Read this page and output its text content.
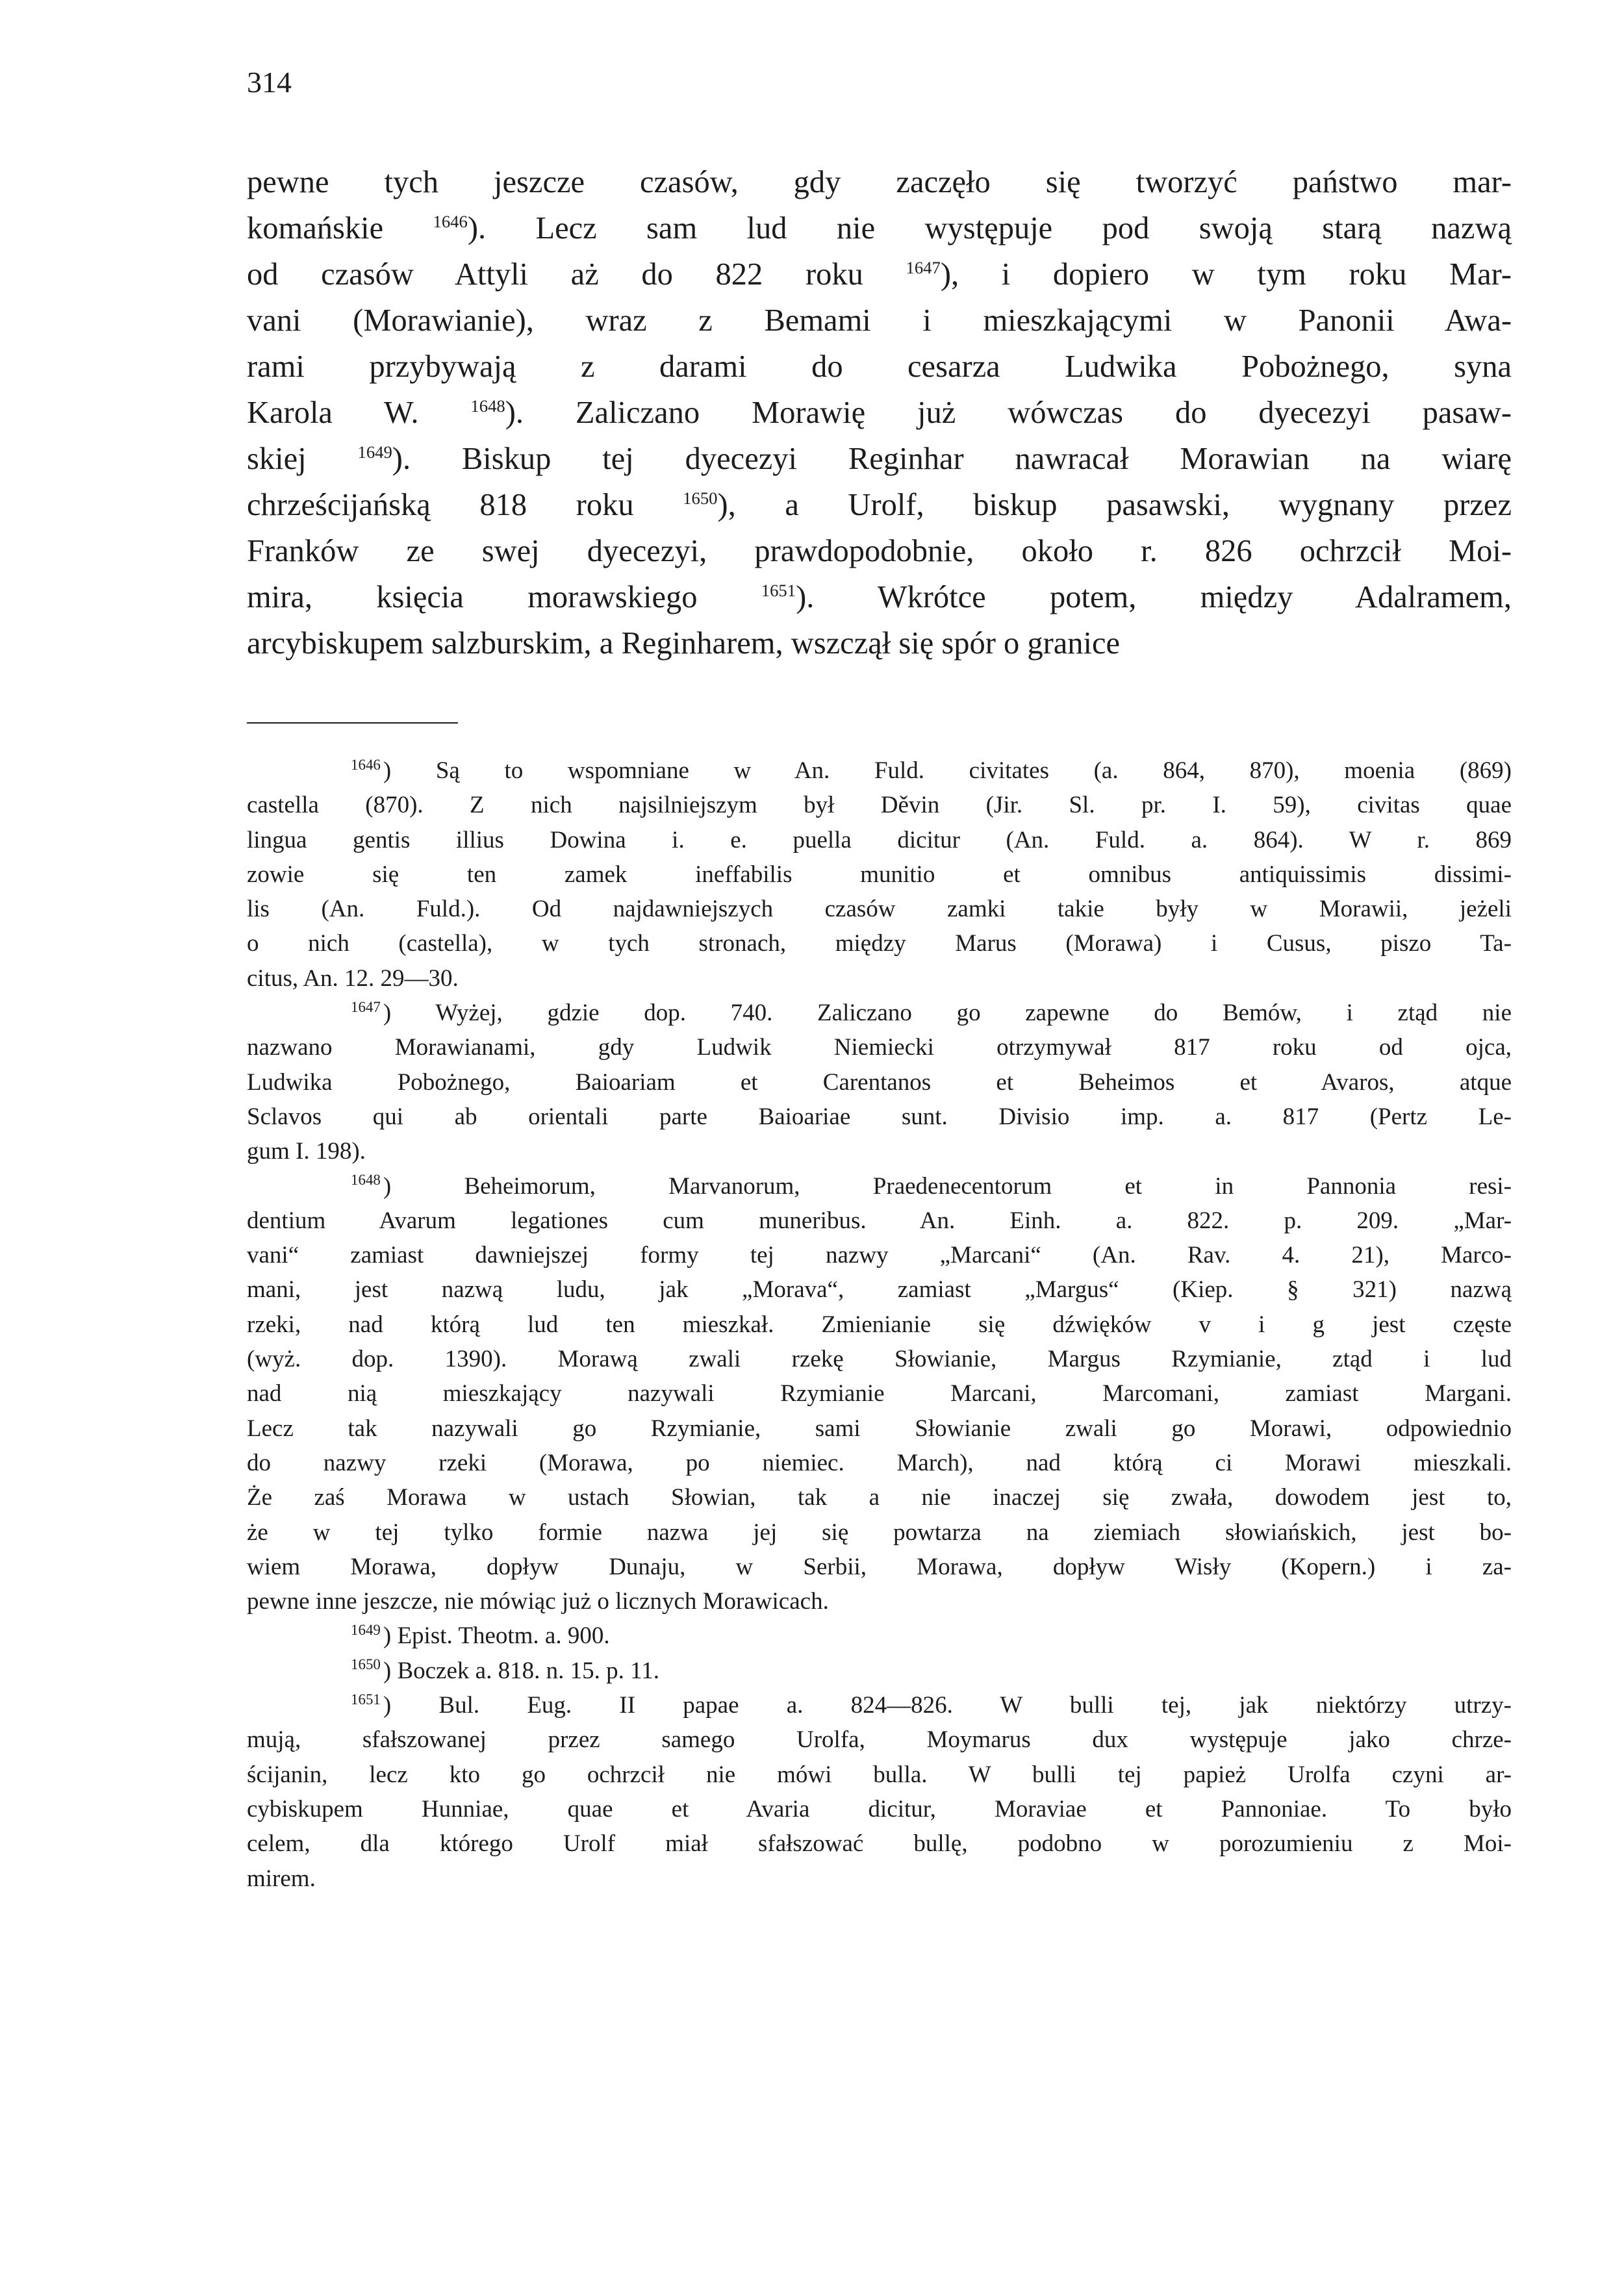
314
pewne tych jeszcze czasów, gdy zaczęło się tworzyć państwo mar-
komańskie $^{1646}$). Lecz sam lud nie występuje pod swoją starą nazwą
od czasów Attyli aż do 822 roku $^{1647}$), i dopiero w tym roku Mar-
vani (Morawianie), wraz z Bemami i mieszkającymi w Panonii Awa-
rami przybywają z darami do cesarza Ludwika Pobożnego, syna
Karola W. $^{1648}$). Zaliczano Morawię już wówczas do dyecezyi pasaw-
skiej $^{1649}$). Biskup tej dyecezyi Reginhar nawracał Morawian na wiarę
chrześcijańską 818 roku $^{1650}$), a Urolf, biskup pasawski, wygnany przez
Franków ze swej dyecezyi, prawdopodobnie, około r. 826 ochrzcił Moi-
mira, księcia morawskiego $^{1651}$). Wkrótce potem, między Adalramem,
arcybiskupem salzburskim, a Reginharem, wszczął się spór o granice
$^{1646}$ ) Są to wspomniane w An. Fuld. civitates (a. 864, 870), moenia (869)
castella (870). Z nich najsilniejszym był Děvin (Jir. Sl. pr. I. 59), civitas quae
lingua gentis illius Dowina i. e. puella dicitur (An. Fuld. a. 864). W r. 869
zowie się ten zamek ineffabilis munitio et omnibus antiquissimis dissimi-
lis (An. Fuld.). Od najdawniejszych czasów zamki takie były w Morawii, jeżeli
o nich (castella), w tych stronach, między Marus (Morawa) i Cusus, piszo Ta-
citus, An. 12. 29—30.
$^{1647}$ ) Wyżej, gdzie dop. 740. Zaliczano go zapewne do Bemów, i ztąd nie
nazwano Morawianami, gdy Ludwik Niemiecki otrzymywał 817 roku od ojca,
Ludwika Pobożnego, Baioariam et Carentanos et Beheimos et Avaros, atque
Sclavos qui ab orientali parte Baioariae sunt. Divisio imp. a. 817 (Pertz Le-
gum I. 198).
$^{1648}$ ) Beheimorum, Marvanorum, Praedenecentorum et in Pannonia resi-
dentium Avarum legationes cum muneribus. An. Einh. a. 822. p. 209. „Mar-
vani“ zamiast dawniejszej formy tej nazwy „Marcani“ (An. Rav. 4. 21), Marco-
mani, jest nazwą ludu, jak „Morava“, zamiast „Margus“ (Kiep. § 321) nazwą
rzeki, nad którą lud ten mieszkał. Zmienianie się dźwięków v i g jest częste
(wyż. dop. 1390). Morawą zwali rzekę Słowianie, Margus Rzymianie, ztąd i lud
nad nią mieszkający nazywali Rzymianie Marcani, Marcomani, zamiast Margani.
Lecz tak nazywali go Rzymianie, sami Słowianie zwali go Morawi, odpowiednio
do nazwy rzeki (Morawa, po niemiec. March), nad którą ci Morawi mieszkali.
Że zaś Morawa w ustach Słowian, tak a nie inaczej się zwała, dowodem jest to,
że w tej tylko formie nazwa jej się powtarza na ziemiach słowiańskich, jest bo-
wiem Morawa, dopływ Dunaju, w Serbii, Morawa, dopływ Wisły (Kopern.) i za-
pewne inne jeszcze, nie mówiąc już o licznych Morawicach.
$^{1649}$ ) Epist. Theotm. a. 900.
$^{1650}$ ) Boczek a. 818. n. 15. p. 11.
$^{1651}$ ) Bul. Eug. II papae a. 824—826. W bulli tej, jak niektórzy utrzy-
mują, sfałszowanej przez samego Urolfa, Moymarus dux występuje jako chrze-
ścijanin, lecz kto go ochrzcił nie mówi bulla. W bulli tej papież Urolfa czyni ar-
cybiskupem Hunniae, quae et Avaria dicitur, Moraviae et Pannoniae. To było
celem, dla którego Urolf miał sfałszować bullę, podobno w porozumieniu z Moi-
mirem.
